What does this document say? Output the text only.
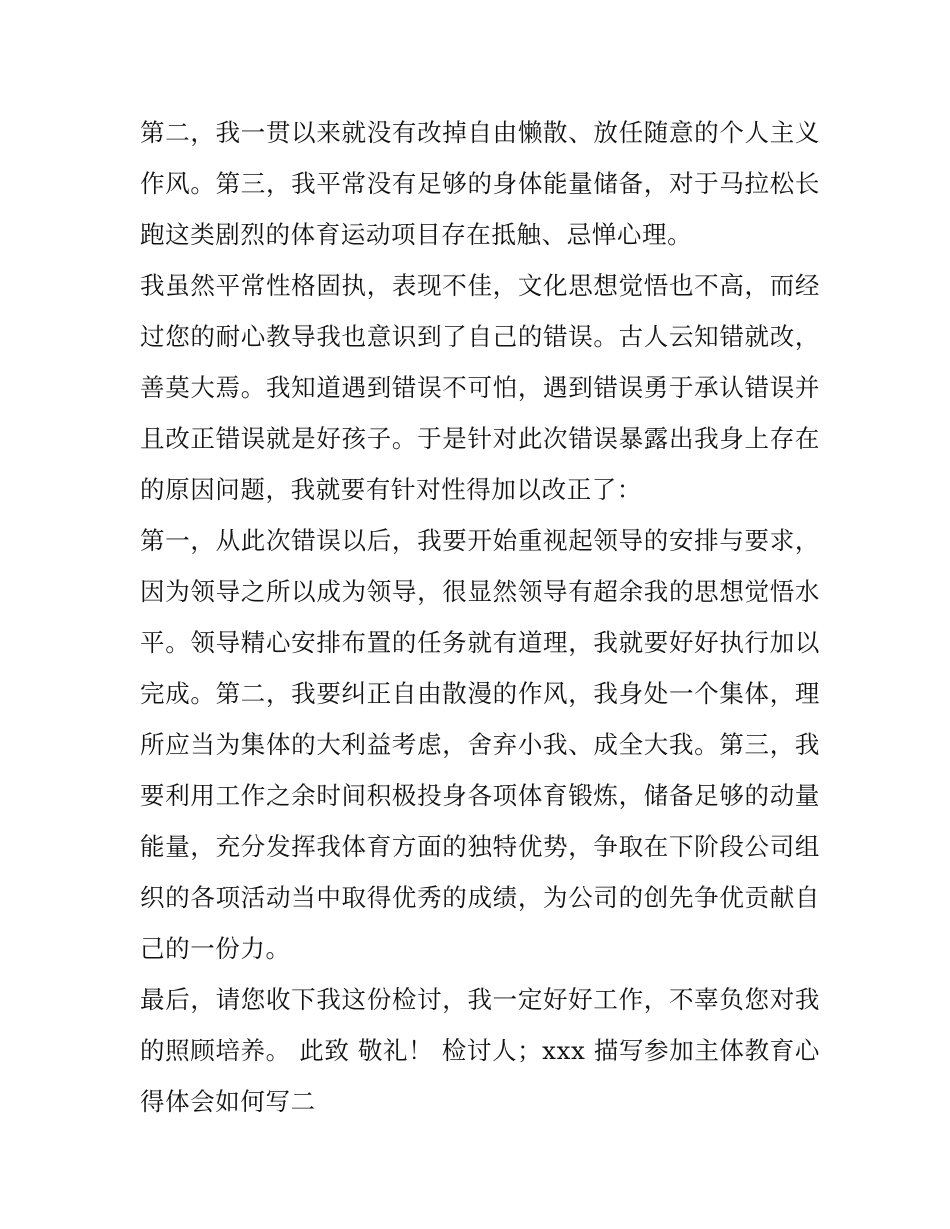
第二，我一贯以来就没有改掉自由懒散、放任随意的个人主义作风。第三，我平常没有足够的身体能量储备，对于马拉松长跑这类剧烈的体育运动项目存在抵触、忌惮心理。

我虽然平常性格固执，表现不佳，文化思想觉悟也不高，而经过您的耐心教导我也意识到了自己的错误。古人云知错就改，善莫大焉。我知道遇到错误不可怕，遇到错误勇于承认错误并且改正错误就是好孩子。于是针对此次错误暴露出我身上存在的原因问题，我就要有针对性得加以改正了：

第一，从此次错误以后，我要开始重视起领导的安排与要求，因为领导之所以成为领导，很显然领导有超余我的思想觉悟水平。领导精心安排布置的任务就有道理，我就要好好执行加以完成。第二，我要纠正自由散漫的作风，我身处一个集体，理所应当为集体的大利益考虑，舍弃小我、成全大我。第三，我要利用工作之余时间积极投身各项体育锻炼，储备足够的动量能量，充分发挥我体育方面的独特优势，争取在下阶段公司组织的各项活动当中取得优秀的成绩，为公司的创先争优贡献自己的一份力。

最后，请您收下我这份检讨，我一定好好工作，不辜负您对我的照顾培养。 此致 敬礼！ 检讨人；xxx 描写参加主体教育心得体会如何写二
